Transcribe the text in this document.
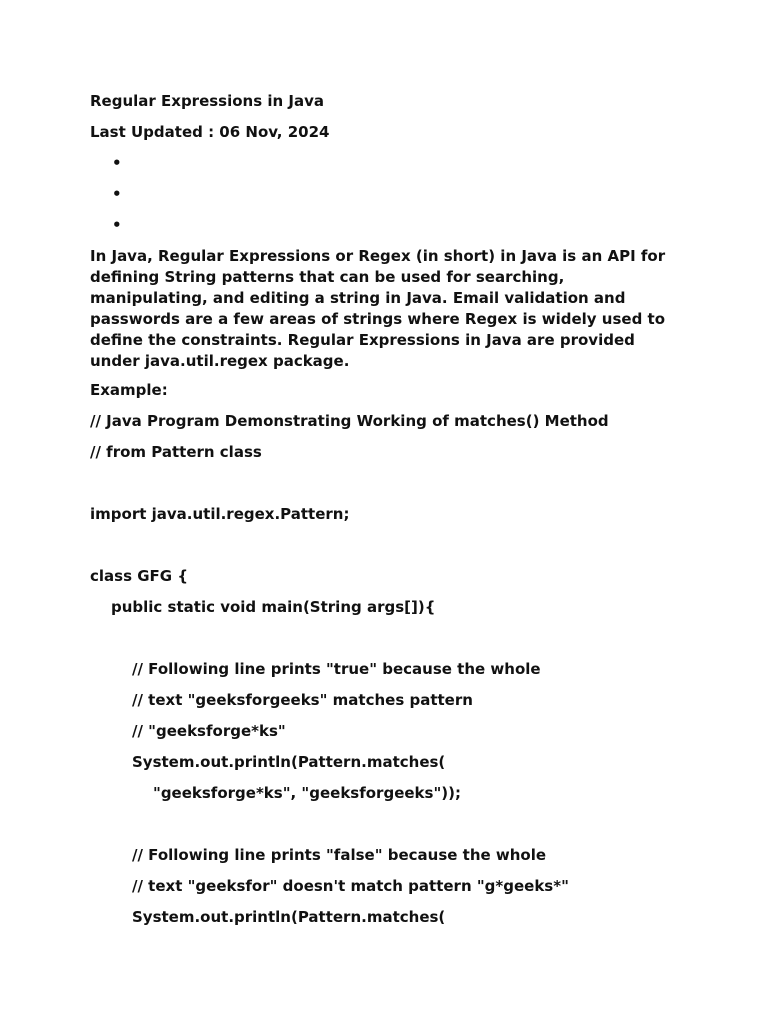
Regular Expressions in Java
Last Updated : 06 Nov, 2024
•
•
•

In Java, Regular Expressions or Regex (in short) in Java is an API for defining String patterns that can be used for searching, manipulating, and editing a string in Java. Email validation and passwords are a few areas of strings where Regex is widely used to define the constraints. Regular Expressions in Java are provided under java.util.regex package.

Example:
// Java Program Demonstrating Working of matches() Method
// from Pattern class
import java.util.regex.Pattern;
class GFG {
public static void main(String args[]){
// Following line prints "true" because the whole
// text "geeksforgeeks" matches pattern
// "geeksforge*ks"
System.out.println(Pattern.matches(
"geeksforge*ks", "geeksforgeeks"));
// Following line prints "false" because the whole
// text "geeksfor" doesn't match pattern "g*geeks*"
System.out.println(Pattern.matches(
